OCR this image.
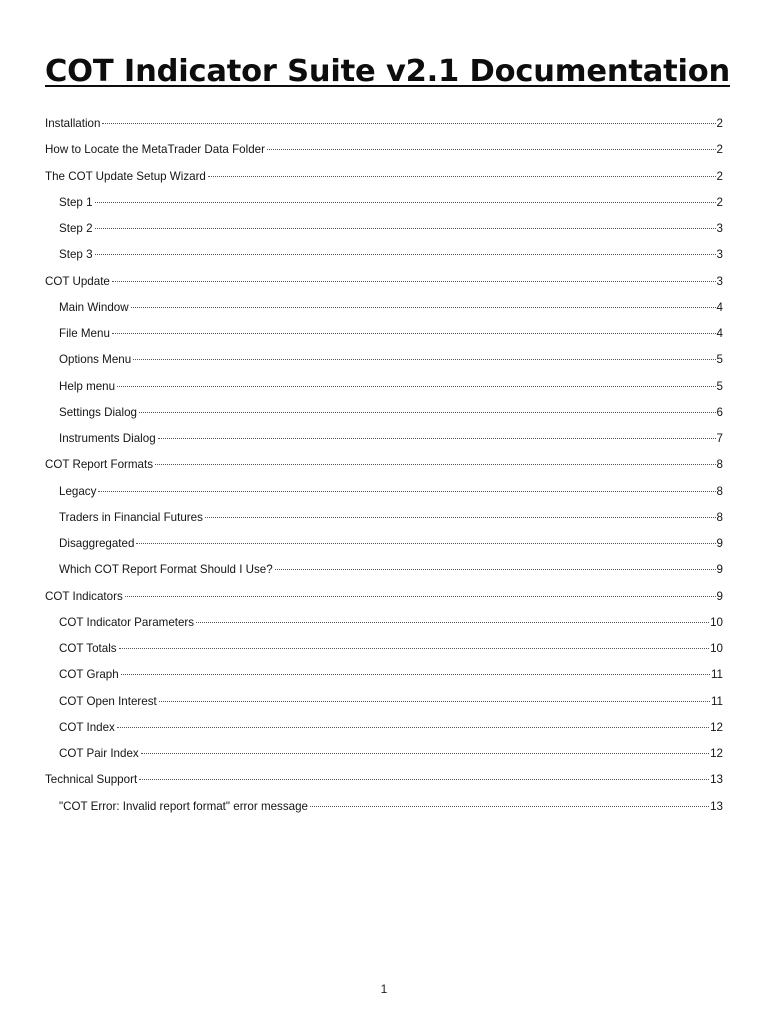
COT Indicator Suite v2.1 Documentation
Installation	2
How to Locate the MetaTrader Data Folder	2
The COT Update Setup Wizard	2
Step 1	2
Step 2	3
Step 3	3
COT Update	3
Main Window	4
File Menu	4
Options Menu	5
Help menu	5
Settings Dialog	6
Instruments Dialog	7
COT Report Formats	8
Legacy	8
Traders in Financial Futures	8
Disaggregated	9
Which COT Report Format Should I Use?	9
COT Indicators	9
COT Indicator Parameters	10
COT Totals	10
COT Graph	11
COT Open Interest	11
COT Index	12
COT Pair Index	12
Technical Support	13
"COT Error: Invalid report format" error message	13
1
